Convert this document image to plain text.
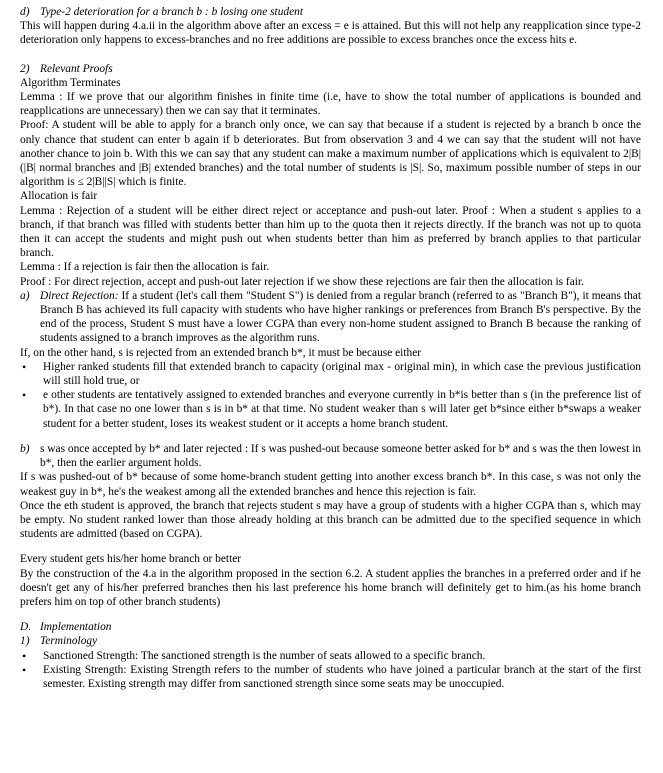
d) Type-2 deterioration for a branch b : b losing one student

This will happen during 4.a.ii in the algorithm above after an excess = e is attained. But this will not help any reapplication since type-2 deterioration only happens to excess-branches and no free additions are possible to excess branches once the excess hits e.

2) Relevant Proofs

Algorithm Terminates

Lemma : If we prove that our algorithm finishes in finite time (i.e, have to show the total number of applications is bounded and reapplications are unnecessary) then we can say that it terminates.

Proof: A student will be able to apply for a branch only once, we can say that because if a student is rejected by a branch b once the only chance that student can enter b again if b deteriorates. But from observation 3 and 4 we can say that the student will not have another chance to join b. With this we can say that any student can make a maximum number of applications which is equivalent to 2|B| (|B| normal branches and |B| extended branches) and the total number of students is |S|. So, maximum possible number of steps in our algorithm is ≤ 2|B||S| which is finite.

Allocation is fair

Lemma : Rejection of a student will be either direct reject or acceptance and push-out later. Proof : When a student s applies to a branch, if that branch was filled with students better than him up to the quota then it rejects directly. If the branch was not up to quota then it can accept the students and might push out when students better than him as preferred by branch applies to that particular branch.

Lemma : If a rejection is fair then the allocation is fair.

Proof : For direct rejection, accept and push-out later rejection if we show these rejections are fair then the allocation is fair.

a) Direct Rejection: If a student (let's call them "Student S") is denied from a regular branch (referred to as "Branch B"), it means that Branch B has achieved its full capacity with students who have higher rankings or preferences from Branch B's perspective. By the end of the process, Student S must have a lower CGPA than every non-home student assigned to Branch B because the ranking of students assigned to a branch improves as the algorithm runs.

If, on the other hand, s is rejected from an extended branch b*, it must be because either

•	Higher ranked students fill that extended branch to capacity (original max - original min), in which case the previous justification will still hold true, or
•	e other students are tentatively assigned to extended branches and everyone currently in b*is better than s (in the preference list of b*). In that case no one lower than s is in b* at that time. No student weaker than s will later get b*since either b*swaps a weaker student for a better student, loses its weakest student or it accepts a home branch student.
b) s was once accepted by b* and later rejected : If s was pushed-out because someone better asked for b* and s was the then lowest in b*, then the earlier argument holds.

If s was pushed-out of b* because of some home-branch student getting into another excess branch b*. In this case, s was not only the weakest guy in b*, he's the weakest among all the extended branches and hence this rejection is fair.

Once the eth student is approved, the branch that rejects student s may have a group of students with a higher CGPA than s, which may be empty. No student ranked lower than those already holding at this branch can be admitted due to the specified sequence in which students are admitted (based on CGPA).

Every student gets his/her home branch or better

By the construction of the 4.a in the algorithm proposed in the section 6.2. A student applies the branches in a preferred order and if he doesn't get any of his/her preferred branches then his last preference his home branch will definitely get to him.(as his home branch prefers him on top of other branch students)

D. Implementation
1) Terminology
•	Sanctioned Strength: The sanctioned strength is the number of seats allowed to a specific branch.
•	Existing Strength: Existing Strength refers to the number of students who have joined a particular branch at the start of the first semester. Existing strength may differ from sanctioned strength since some seats may be unoccupied.
